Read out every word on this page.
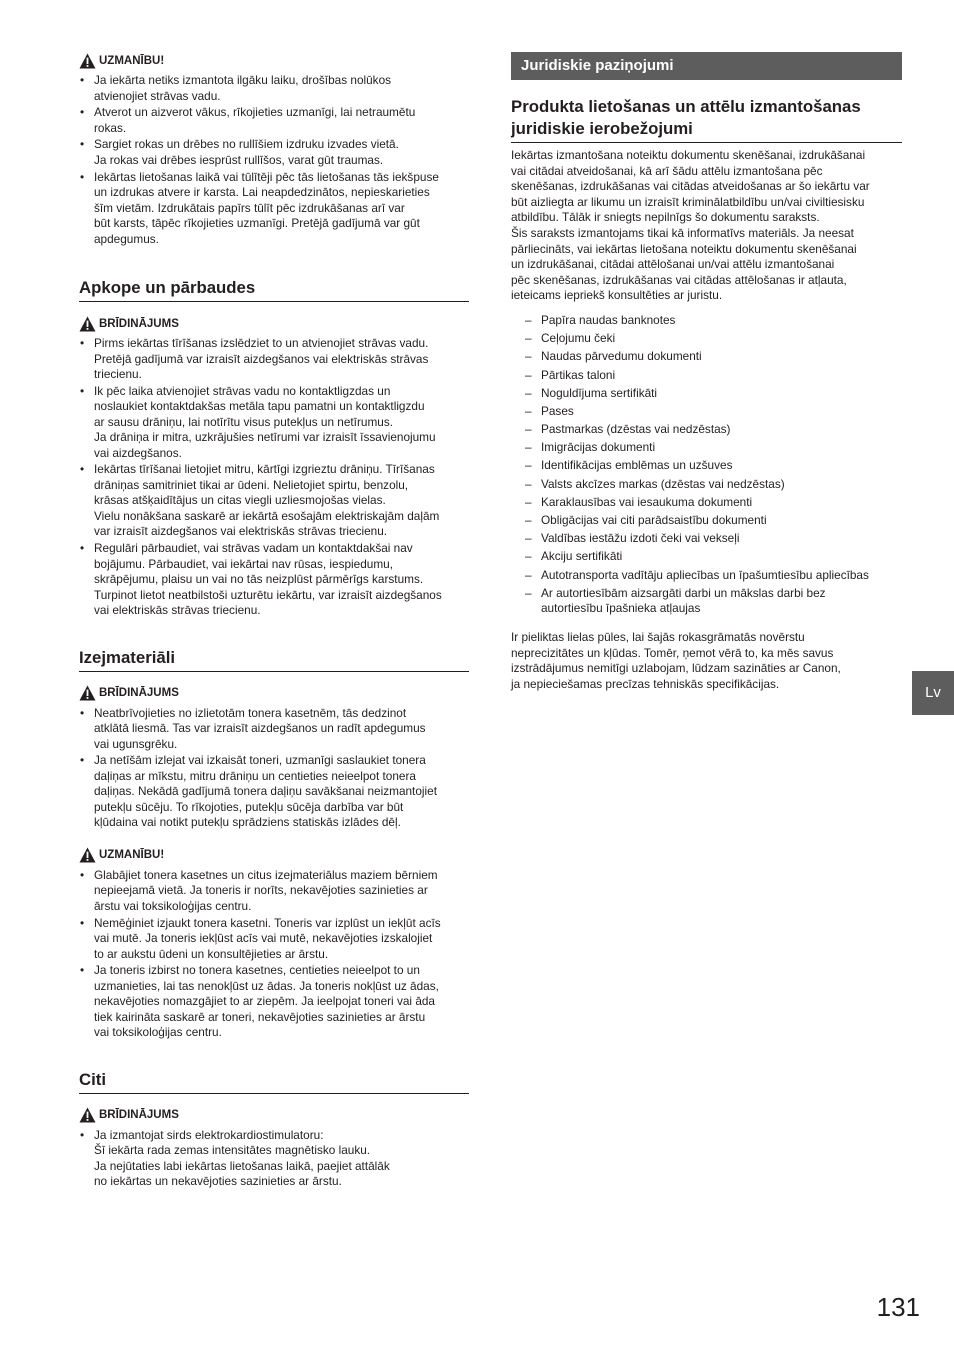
UZMANĪBU!
• Ja iekārta netiks izmantota ilgāku laiku, drošības nolūkos
atvienojiet strāvas vadu.
• Atverot un aizverot vākus, rīkojieties uzmanīgi, lai netraumētu
rokas.
• Sargiet rokas un drēbes no rullīšiem izdruku izvades vietā.
Ja rokas vai drēbes iesprūst rullīšos, varat gūt traumas.
• Iekārtas lietošanas laikā vai tūlītēji pēc tās lietošanas tās iekšpuse
un izdrukas atvere ir karsta. Lai neapdedzinātos, nepieskarieties
šīm vietām. Izdrukātais papīrs tūlīt pēc izdrukāšanas arī var
būt karsts, tāpēc rīkojieties uzmanīgi. Pretējā gadījumā var gūt
apdegumus.
Apkope un pārbaudes
BRĪDINĀJUMS
• Pirms iekārtas tīrīšanas izslēdziet to un atvienojiet strāvas vadu.
Pretējā gadījumā var izraisīt aizdegšanos vai elektriskās strāvas
triecienu.
• Ik pēc laika atvienojiet strāvas vadu no kontaktligzdas un
noslaukiet kontaktdakšas metāla tapu pamatni un kontaktligzdu
ar sausu drāniņu, lai notīrītu visus putekļus un netīrumus.
Ja drāniņa ir mitra, uzkrājušies netīrumi var izraisīt īssavienojumu
vai aizdegšanos.
• Iekārtas tīrīšanai lietojiet mitru, kārtīgi izgrieztu drāniņu. Tīrīšanas
drāniņas samitriniet tikai ar ūdeni. Nelietojiet spirtu, benzolu,
krāsas atšķaidītājus un citas viegli uzliesmojošas vielas.
Vielu nonākšana saskarē ar iekārtā esošajām elektriskajām daļām
var izraisīt aizdegšanos vai elektriskās strāvas triecienu.
• Regulāri pārbaudiet, vai strāvas vadam un kontaktdakšai nav
bojājumu. Pārbaudiet, vai iekārtai nav rūsas, iespiedumu,
skrāpējumu, plaisu un vai no tās neizplūst pārmērīgs karstums.
Turpinot lietot neatbilstoši uzturētu iekārtu, var izraisīt aizdegšanos
vai elektriskās strāvas triecienu.
Izejmateriāli
BRĪDINĀJUMS
• Neatbrīvojieties no izlietotām tonera kasetnēm, tās dedzinot
atklātā liesmā. Tas var izraisīt aizdegšanos un radīt apdegumus
vai ugunsgrēku.
• Ja netīšām izlejat vai izkaisāt toneri, uzmanīgi saslaukiet tonera
daļiņas ar mīkstu, mitru drāniņu un centieties neieelpot tonera
daļiņas. Nekādā gadījumā tonera daļiņu savākšanai neizmantojiet
putekļu sūcēju. To rīkojoties, putekļu sūcēja darbība var būt
kļūdaina vai notikt putekļu sprādziens statiskās izlādes dēļ.
UZMANĪBU!
• Glabājiet tonera kasetnes un citus izejmateriālus maziem bērniem
nepieejamā vietā. Ja toneris ir norīts, nekavējoties sazinieties ar
ārstu vai toksikoloģijas centru.
• Nemēģiniet izjaukt tonera kasetni. Toneris var izplūst un iekļūt acīs
vai mutē. Ja toneris iekļūst acīs vai mutē, nekavējoties izskalojiet
to ar aukstu ūdeni un konsultējieties ar ārstu.
• Ja toneris izbirst no tonera kasetnes, centieties neieelpot to un
uzmanieties, lai tas nenokļūst uz ādas. Ja toneris nokļūst uz ādas,
nekavējoties nomazgājiet to ar ziepēm. Ja ieelpojat toneri vai āda
tiek kairināta saskarē ar toneri, nekavējoties sazinieties ar ārstu
vai toksikoloģijas centru.
Citi
BRĪDINĀJUMS
• Ja izmantojat sirds elektrokardiostimulatoru:
Šī iekārta rada zemas intensitātes magnētisko lauku.
Ja nejūtaties labi iekārtas lietošanas laikā, paejiet attālāk
no iekārtas un nekavējoties sazinieties ar ārstu.
Juridiskie paziņojumi
Produkta lietošanas un attēlu izmantošanas
juridiskie ierobežojumi
Iekārtas izmantošana noteiktu dokumentu skenēšanai, izdrukāšanai
vai citādai atveidošanai, kā arī šādu attēlu izmantošana pēc
skenēšanas, izdrukāšanas vai citādas atveidošanas ar šo iekārtu var
būt aizliegta ar likumu un izraisīt kriminālatbildību un/vai civiltiesisku
atbildību. Tālāk ir sniegts nepilnīgs šo dokumentu saraksts.
Šis saraksts izmantojams tikai kā informatīvs materiāls. Ja neesat
pārliecināts, vai iekārtas lietošana noteiktu dokumentu skenēšanai
un izdrukāšanai, citādai attēlošanai un/vai attēlu izmantošanai
pēc skenēšanas, izdrukāšanas vai citādas attēlošanas ir atļauta,
ieteicams iepriekš konsultēties ar juristu.
– Papīra naudas banknotes
– Ceļojumu čeki
– Naudas pārvedumu dokumenti
– Pārtikas taloni
– Noguldījuma sertifikāti
– Pases
– Pastmarkas (dzēstas vai nedzēstas)
– Imigrācijas dokumenti
– Identifikācijas emblēmas un uzšuves
– Valsts akcīzes markas (dzēstas vai nedzēstas)
– Karaklausības vai iesaukuma dokumenti
– Obligācijas vai citi parādsaistību dokumenti
– Valdības iestāžu izdoti čeki vai vekseļi
– Akciju sertifikāti
– Autotransporta vadītāju apliecības un īpašumtiesību apliecības
– Ar autortiesībām aizsargāti darbi un mākslas darbi bez
autortiesību īpašnieka atļaujas
Ir pieliktas lielas pūles, lai šajās rokasgrāmatās novērstu
neprecizitātes un kļūdas. Tomēr, ņemot vērā to, ka mēs savus
izstrādājumus nemitīgi uzlabojam, lūdzam sazināties ar Canon,
ja nepieciešamas precīzas tehniskās specifikācijas.
Lv
131
